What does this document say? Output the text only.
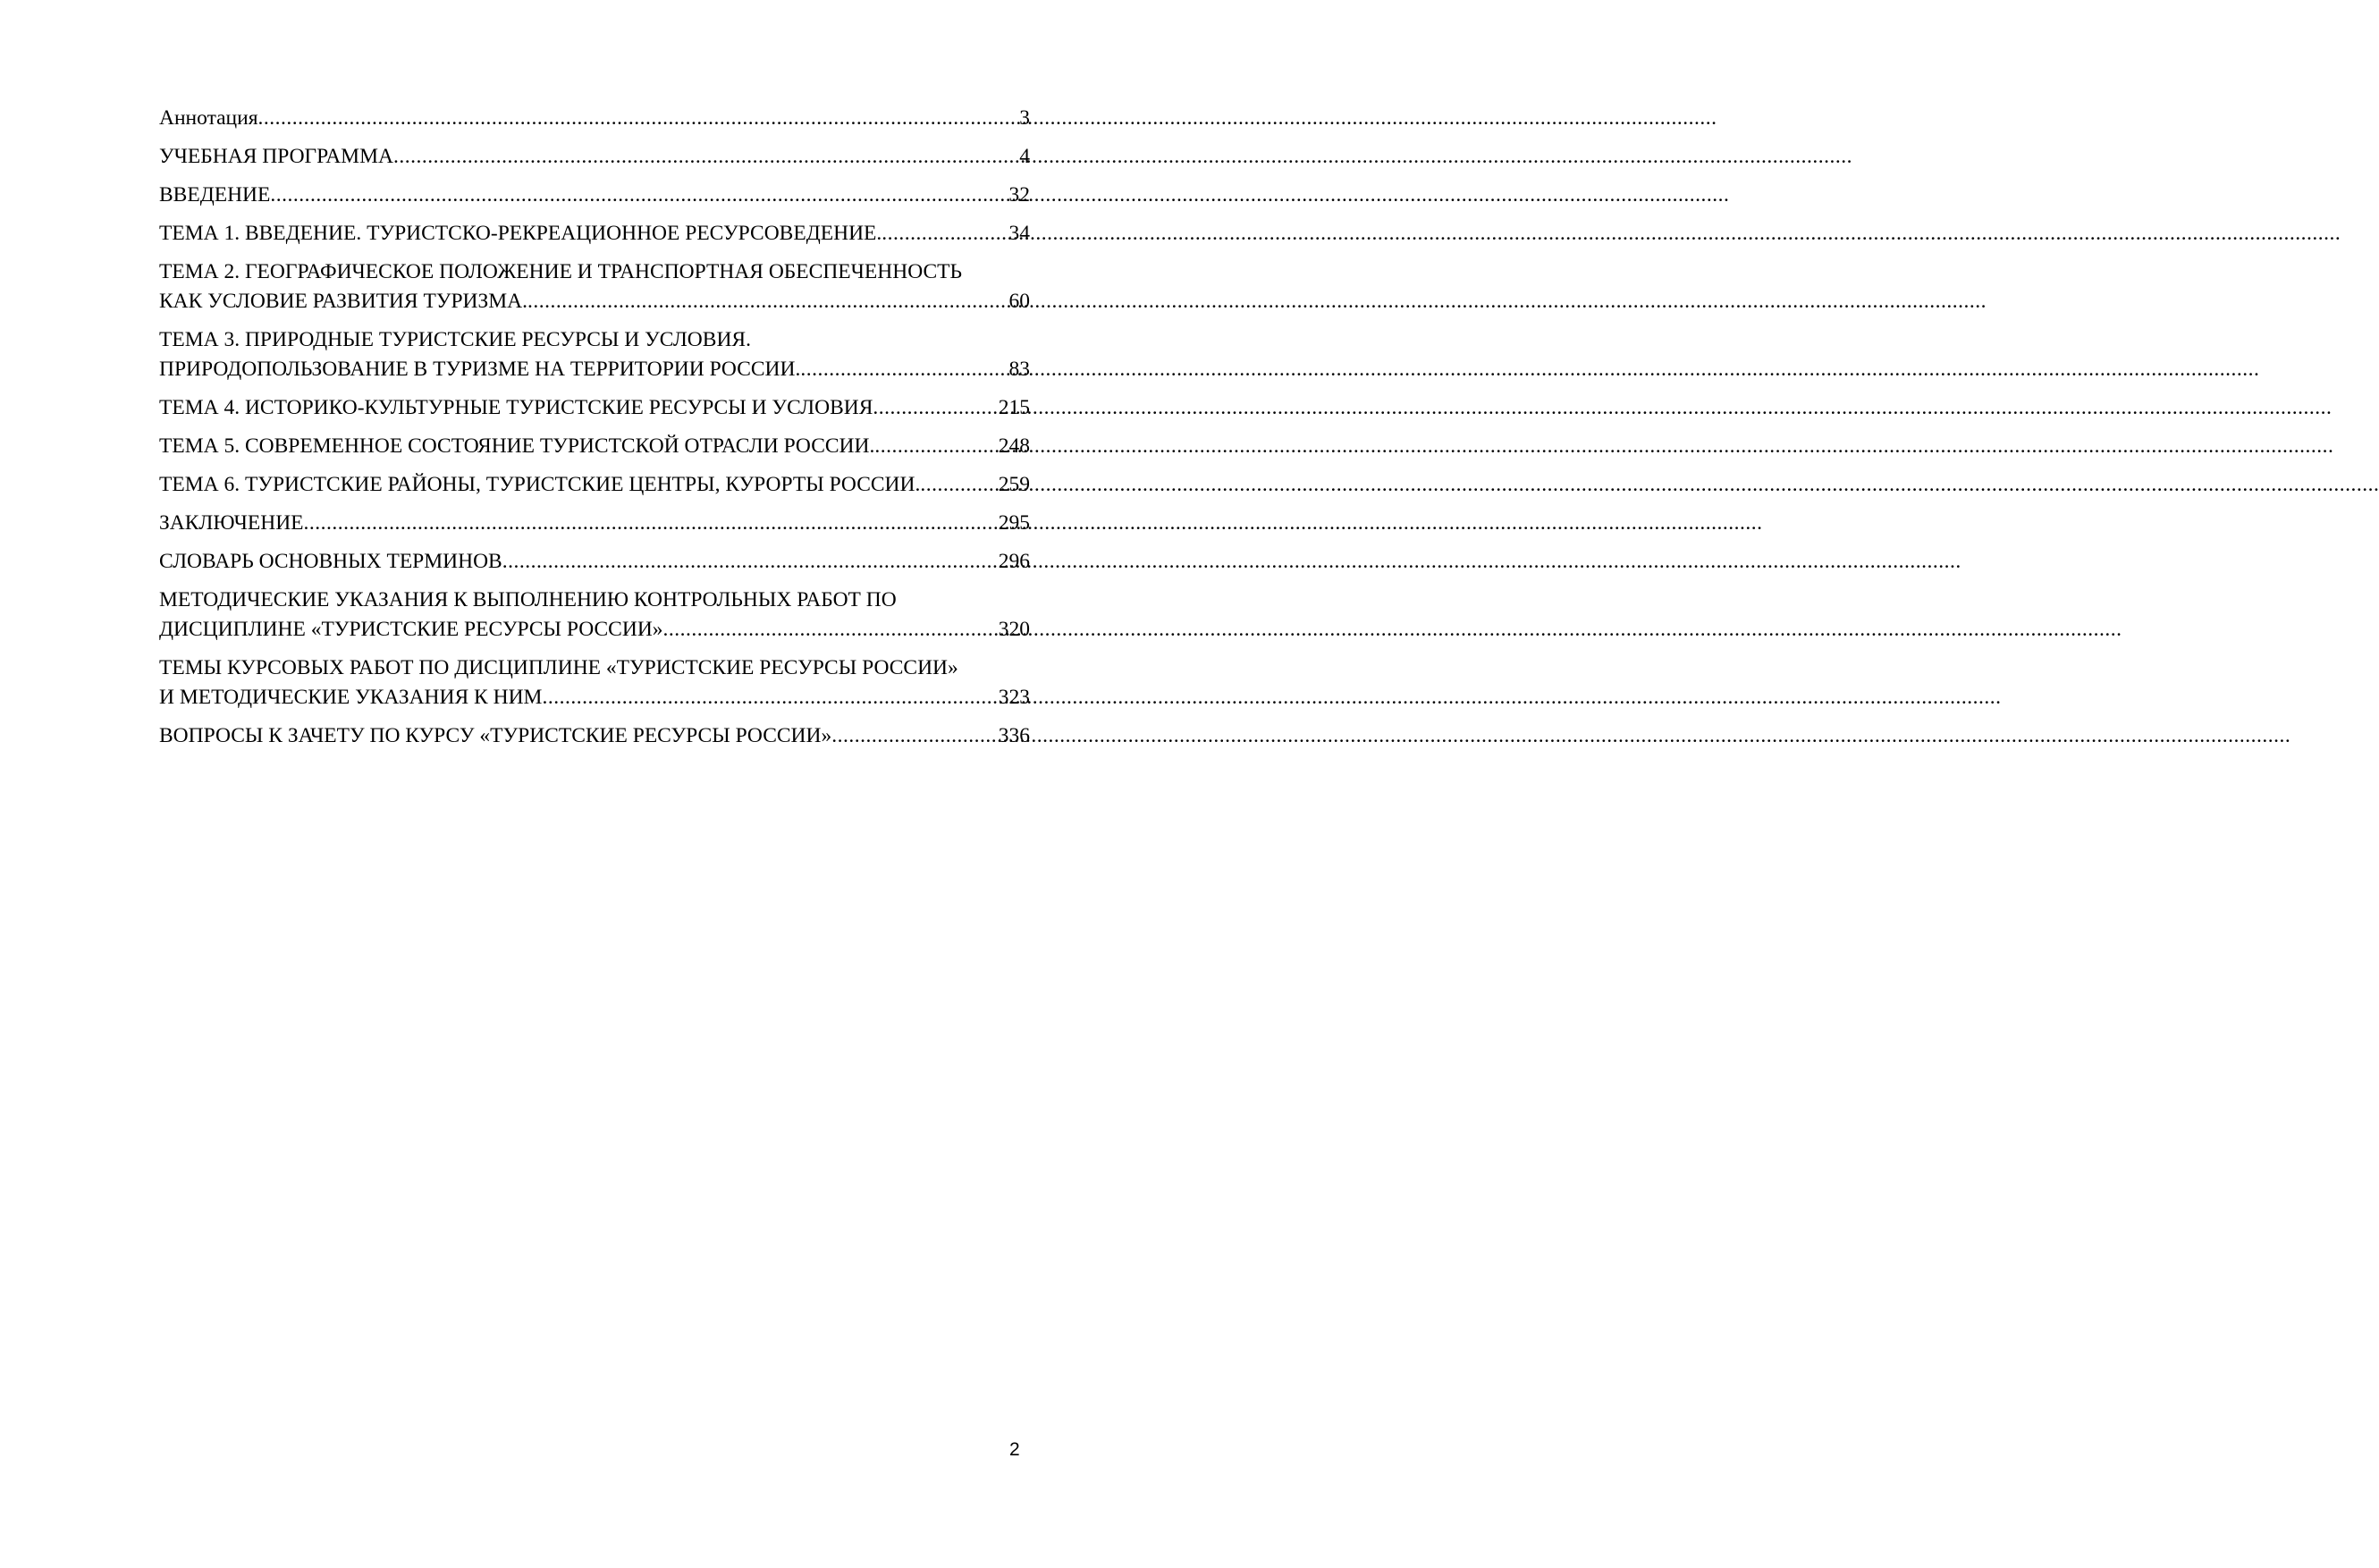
Аннотация .....	3
УЧЕБНАЯ ПРОГРАММА .....	4
ВВЕДЕНИЕ .....	32
ТЕМА 1. ВВЕДЕНИЕ. ТУРИСТСКО-РЕКРЕАЦИОННОЕ РЕСУРСОВЕДЕНИЕ. .....	34
ТЕМА 2. ГЕОГРАФИЧЕСКОЕ ПОЛОЖЕНИЕ И ТРАНСПОРТНАЯ ОБЕСПЕЧЕННОСТЬ
КАК УСЛОВИЕ РАЗВИТИЯ ТУРИЗМА. .....	60
ТЕМА 3. ПРИРОДНЫЕ ТУРИСТСКИЕ РЕСУРСЫ И УСЛОВИЯ.
ПРИРОДОПОЛЬЗОВАНИЕ В ТУРИЗМЕ НА ТЕРРИТОРИИ РОССИИ. .....	83
ТЕМА 4. ИСТОРИКО-КУЛЬТУРНЫЕ ТУРИСТСКИЕ РЕСУРСЫ И УСЛОВИЯ .....	215
ТЕМА 5. СОВРЕМЕННОЕ СОСТОЯНИЕ ТУРИСТСКОЙ ОТРАСЛИ РОССИИ. .....	248
ТЕМА 6. ТУРИСТСКИЕ РАЙОНЫ, ТУРИСТСКИЕ ЦЕНТРЫ, КУРОРТЫ РОССИИ. .....	259
ЗАКЛЮЧЕНИЕ .....	295
СЛОВАРЬ ОСНОВНЫХ ТЕРМИНОВ .....	296
МЕТОДИЧЕСКИЕ УКАЗАНИЯ К ВЫПОЛНЕНИЮ КОНТРОЛЬНЫХ РАБОТ ПО
ДИСЦИПЛИНЕ «ТУРИСТСКИЕ РЕСУРСЫ РОССИИ» .....	320
ТЕМЫ КУРСОВЫХ РАБОТ ПО ДИСЦИПЛИНЕ «ТУРИСТСКИЕ РЕСУРСЫ РОССИИ»
И МЕТОДИЧЕСКИЕ УКАЗАНИЯ К НИМ .....	323
ВОПРОСЫ К ЗАЧЕТУ ПО КУРСУ «ТУРИСТСКИЕ РЕСУРСЫ РОССИИ» .....	336
2
